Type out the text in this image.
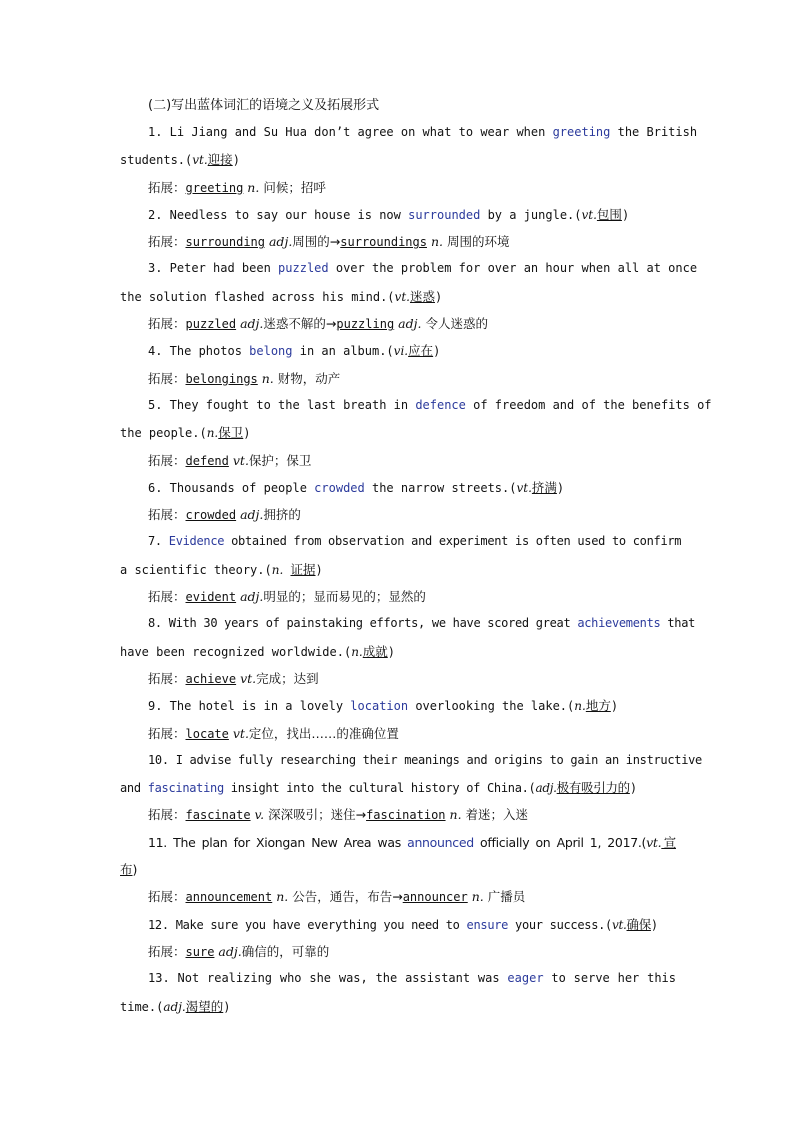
(二)写出蓝体词汇的语境之义及拓展形式
1. Li Jiang and Su Hua don’t agree on what to wear when greeting the British
students.(vt.迎接)
拓展：greeting n. 问候；招呼
2. Needless to say our house is now surrounded by a jungle.(vt.包围)
拓展：surrounding adj.周围的→surroundings n. 周围的环境
3. Peter had been puzzled over the problem for over an hour when all at once
the solution flashed across his mind.(vt.迷惑)
拓展：puzzled adj.迷惑不解的→puzzling adj. 令人迷惑的
4. The photos belong in an album.(vi.应在)
拓展：belongings n. 财物，动产
5. They fought to the last breath in defence of freedom and of the benefits of
the people.(n.保卫)
拓展：defend vt.保护；保卫
6. Thousands of people crowded the narrow streets.(vt.挤满)
拓展：crowded adj.拥挤的
7. Evidence obtained from observation and experiment is often used to confirm
a scientific theory.(n. 证据)
拓展：evident adj.明显的；显而易见的；显然的
8. With 30 years of painstaking efforts, we have scored great achievements that
have been recognized worldwide.(n.成就)
拓展：achieve vt.完成；达到
9. The hotel is in a lovely location overlooking the lake.(n.地方)
拓展：locate vt.定位，找出……的准确位置
10. I advise fully researching their meanings and origins to gain an instructive
and fascinating insight into the cultural history of China.(adj.极有吸引力的)
拓展：fascinate v. 深深吸引；迷住→fascination n. 着迷；入迷
11. The plan for Xiongan New Area was announced officially on April 1, 2017.(vt.宣
布)
拓展：announcement n. 公告，通告，布告→announcer n. 广播员
12. Make sure you have everything you need to ensure your success.(vt.确保)
拓展：sure adj.确信的，可靠的
13. Not realizing who she was, the assistant was eager to serve her this
time.(adj.渴望的)
